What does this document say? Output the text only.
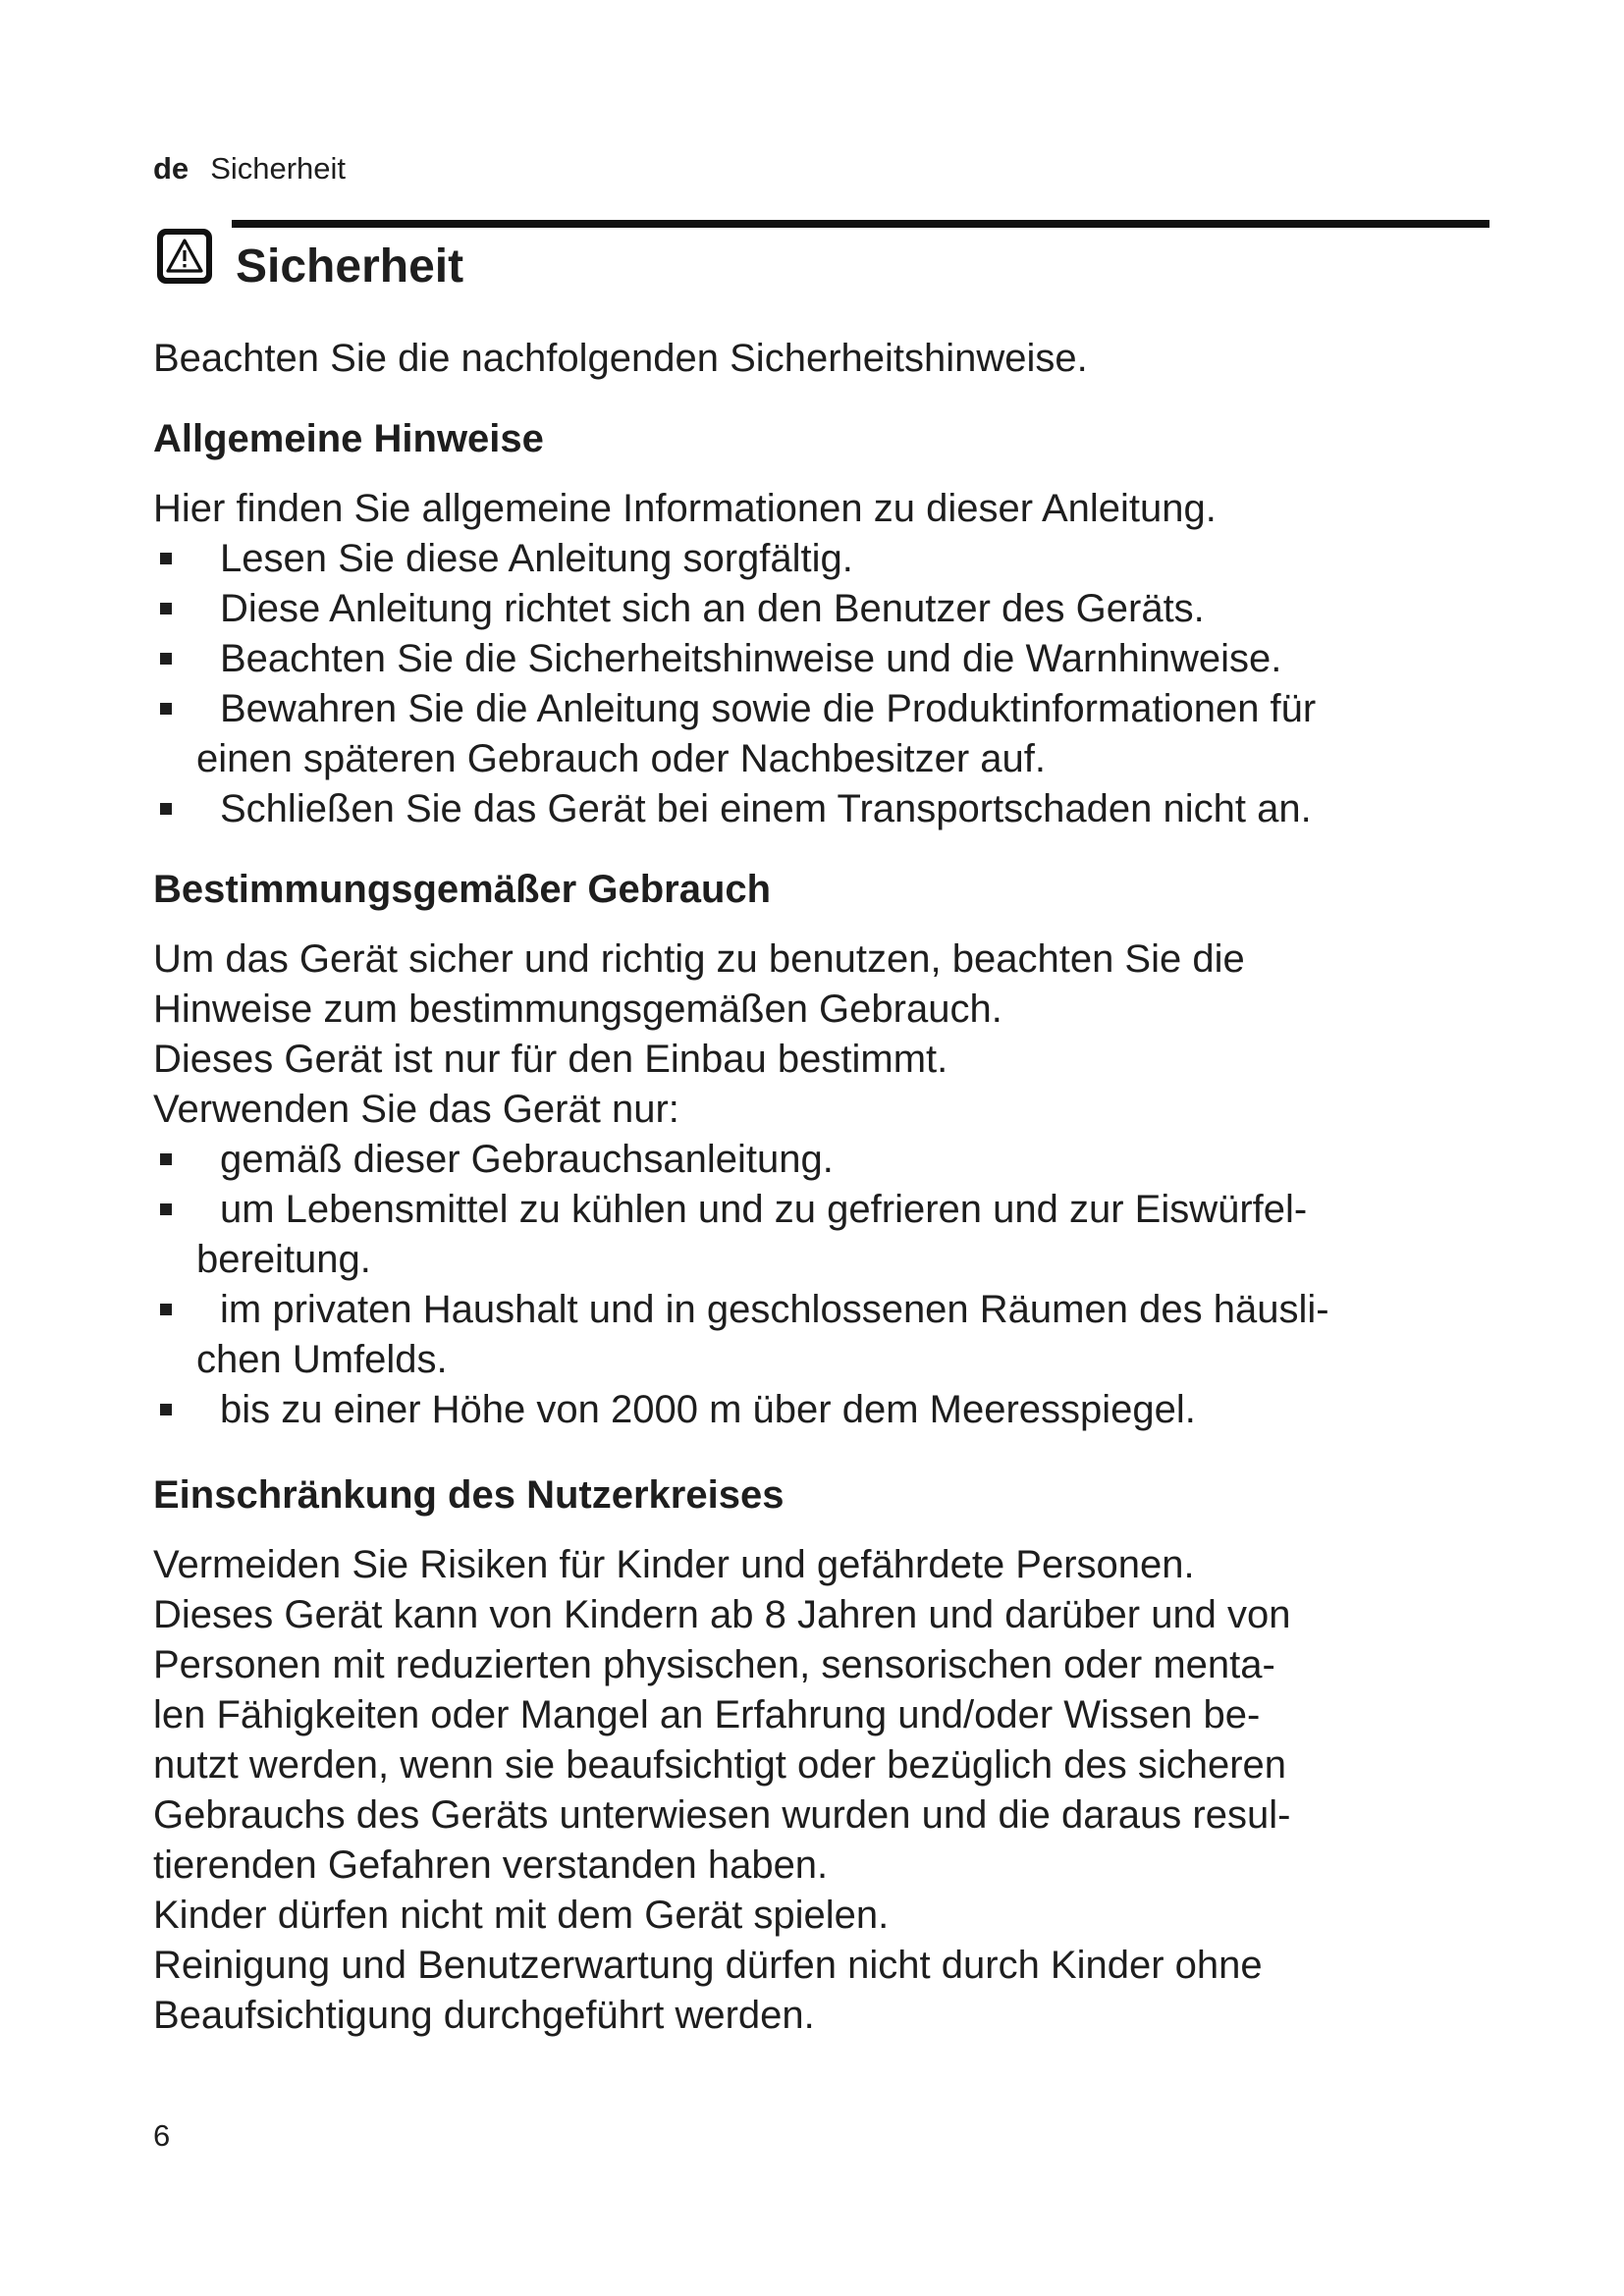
de Sicherheit
Sicherheit

Beachten Sie die nachfolgenden Sicherheitshinweise.

Allgemeine Hinweise

Hier finden Sie allgemeine Informationen zu dieser Anleitung.

Lesen Sie diese Anleitung sorgfältig.
Diese Anleitung richtet sich an den Benutzer des Geräts.
Beachten Sie die Sicherheitshinweise und die Warnhinweise.
Bewahren Sie die Anleitung sowie die Produktinformationen für
einen späteren Gebrauch oder Nachbesitzer auf.
Schließen Sie das Gerät bei einem Transportschaden nicht an.
Bestimmungsgemäßer Gebrauch

Um das Gerät sicher und richtig zu benutzen, beachten Sie die

Hinweise zum bestimmungsgemäßen Gebrauch.

Dieses Gerät ist nur für den Einbau bestimmt.

Verwenden Sie das Gerät nur:

gemäß dieser Gebrauchsanleitung.
um Lebensmittel zu kühlen und zu gefrieren und zur Eiswürfel-
bereitung.
im privaten Haushalt und in geschlossenen Räumen des häusli-
chen Umfelds.
bis zu einer Höhe von 2000 m über dem Meeresspiegel.
Einschränkung des Nutzerkreises

Vermeiden Sie Risiken für Kinder und gefährdete Personen.

Dieses Gerät kann von Kindern ab 8 Jahren und darüber und von

Personen mit reduzierten physischen, sensorischen oder menta-

len Fähigkeiten oder Mangel an Erfahrung und/oder Wissen be-

nutzt werden, wenn sie beaufsichtigt oder bezüglich des sicheren

Gebrauchs des Geräts unterwiesen wurden und die daraus resul-

tierenden Gefahren verstanden haben.

Kinder dürfen nicht mit dem Gerät spielen.

Reinigung und Benutzerwartung dürfen nicht durch Kinder ohne

Beaufsichtigung durchgeführt werden.

6
